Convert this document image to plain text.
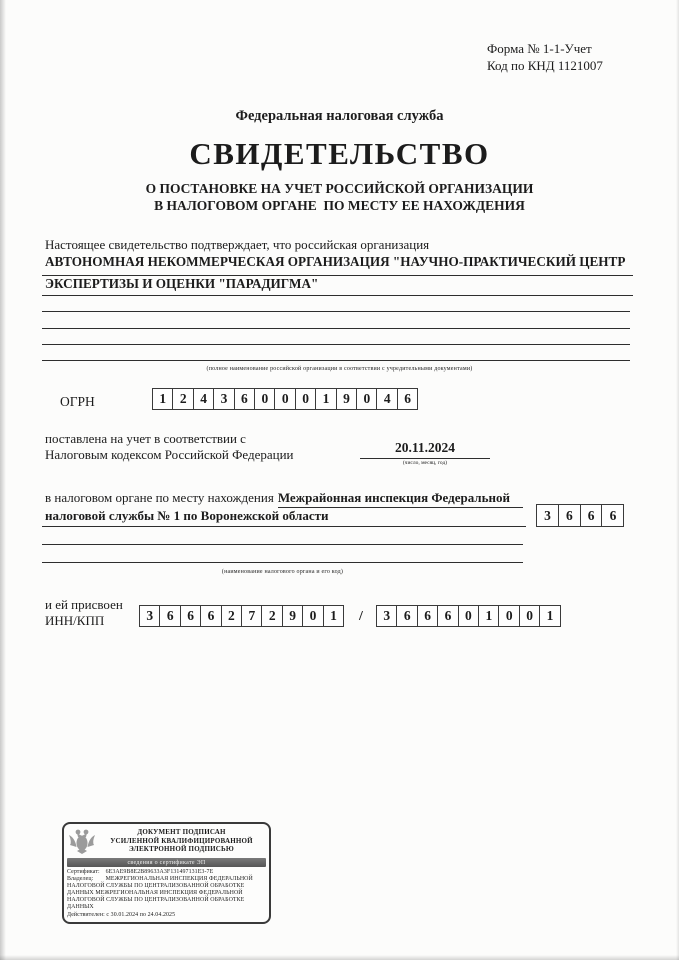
Форма № 1-1-Учет
Код по КНД 1121007
Федеральная налоговая служба
СВИДЕТЕЛЬСТВО
О ПОСТАНОВКЕ НА УЧЕТ РОССИЙСКОЙ ОРГАНИЗАЦИИ
В НАЛОГОВОМ ОРГАНЕ  ПО МЕСТУ ЕЕ НАХОЖДЕНИЯ
Настоящее свидетельство подтверждает, что российская организация
АВТОНОМНАЯ НЕКОММЕРЧЕСКАЯ ОРГАНИЗАЦИЯ "НАУЧНО-ПРАКТИЧЕСКИЙ ЦЕНТР
ЭКСПЕРТИЗЫ И ОЦЕНКИ "ПАРАДИГМА"
(полное наименование российской организации в соответствии с учредительными документами)
ОГРН	1	2	4	3	6	0	0	0	1	9	0	4	6
поставлена на учет в соответствии с
Налоговым кодексом Российской Федерации	20.11.2024
(число, месяц, год)
в налоговом органе по месту нахождения Межрайонная инспекция Федеральной
налоговой службы № 1 по Воронежской области	3	6	6	6
(наименование налогового органа и его код)
и ей присвоен
ИНН/КПП	3	6	6	6	2	7	2	9	0	1	/	3	6	6	6	0	1	0	0	1
ДОКУМЕНТ ПОДПИСАН
УСИЛЕННОЙ КВАЛИФИЦИРОВАННОЙ
ЭЛЕКТРОННОЙ ПОДПИСЬЮ
сведения о сертификате ЭП
Сертификат: 6E3AE9B8E2B89633A3F131497131E3-7E
Владелец: МЕЖРЕГИОНАЛЬНАЯ ИНСПЕКЦИЯ ФЕДЕРАЛЬНОЙ НАЛОГОВОЙ СЛУЖБЫ ПО ЦЕНТРАЛИЗОВАННОЙ ОБРАБОТКЕ ДАННЫХ МЕЖРЕГИОНАЛЬНАЯ ИНСПЕКЦИЯ ФЕДЕРАЛЬНОЙ НАЛОГОВОЙ СЛУЖБЫ ПО ЦЕНТРАЛИЗОВАННОЙ ОБРАБОТКЕ ДАННЫХ
Действителен: с 30.01.2024 по 24.04.2025
